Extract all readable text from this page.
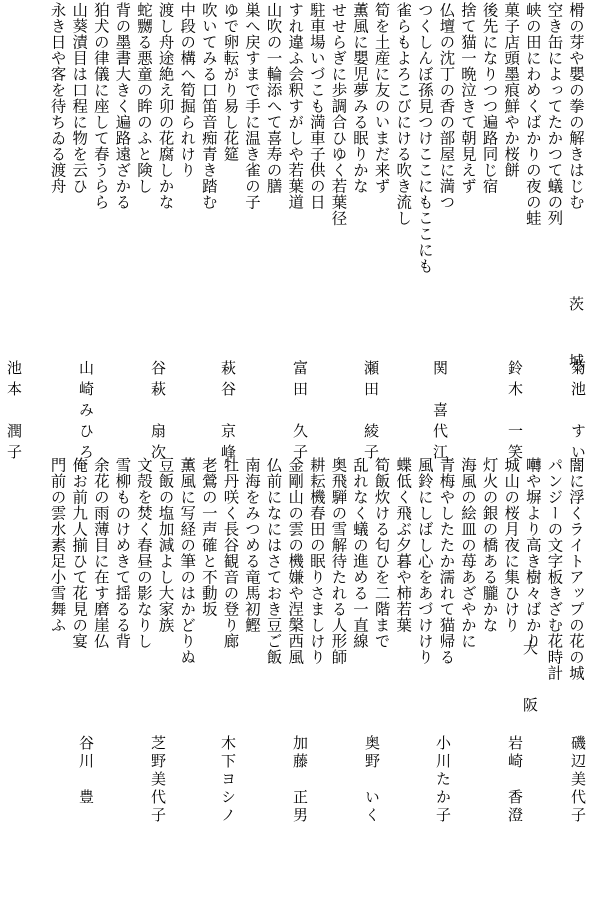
榾の芽や嬰の拳の解きはじむ
空き缶によってたかつて蟻の列
峡の田にわめくばかりの夜の蛙
菓子店頭墨痕鮮やか桜餅
後先になりつつ遍路同じ宿
捨て猫一晩泣きて朝見えず
仏壇の沈丁の香の部屋に満つ
つくしんぼ孫見つけここにもここにも
雀らもよろこびにける吹き流し
筍を土産に友のいまだ来ず
薫風に嬰児夢みる眠りかな
せせらぎに歩調合ひゆく若葉径
駐車場いづこも満車子供の日
すれ違ふ会釈すがしや若葉道
山吹の一輪添へて喜寿の膳
巣へ戻すまで手に温き雀の子
ゆで卵転がり易し花筵
吹いてみる口笛音痴青き踏む
中段の構へ筍掘られけり
渡し舟途絶え卯の花腐しかな
蛇嬲る悪童の眸のふと険し
背の墨書大きく遍路遠ざかる
狛犬の律儀に座して春うらら
山葵漬目は口程に物を云ひ
永き日や客を待ちゐる渡舟
茨 城
菊池　すい
鈴木　一笑
関　喜代江
瀬田　綾子
富田　久子
萩谷　京峰
谷萩　扇次
山崎みひろ
池本　潤子
闇に浮くライトアップの花の城
パンジーの文字板きざむ花時計
囀や塀より高き樹々ばかり
城山の桜月夜に集ひけり
灯火の銀の橋ある朧かな
海風の絵皿の苺あざやかに
青梅やしたたか濡れて猫帰る
風鈴にしばし心をあづけけり
蝶低く飛ぶ夕暮や柿若葉
筍飯炊ける匂ひを二階まで
乱れなく蟻の進める一直線
奥飛騨の雪解待たれる人形師
耕耘機春田の眠りさましけり
金剛山の雲の機嫌や涅槃西風
仏前になにはさておき豆ご飯
南海をみつめる竜馬初鰹
牡丹咲く長谷観音の登り廊
老鶯の一声確と不動坂
薫風に写経の筆のはかどりぬ
豆飯の塩加減よし大家族
文殻を焚く春昼の影なりし
雪柳ものけめきて揺るる背
余花の雨薄目に在す磨崖仏
俺お前九人揃ひて花見の宴
門前の雲水素足小雪舞ふ
大 阪
磯辺美代子
岩崎　香澄
小川たか子
奥野　いく
加藤　正男
木下ヨシノ
芝野美代子
谷川　豊
